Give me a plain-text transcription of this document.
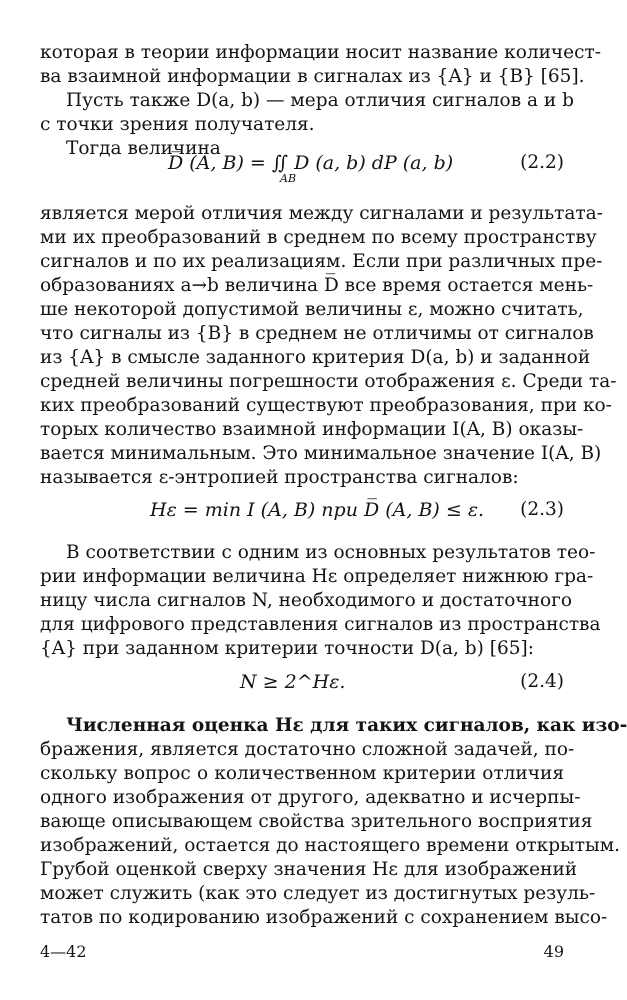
которая в теории информации носит название количест-
ва взаимной информации в сигналах из {A} и {B} [65].
Пусть также D(a, b) — мера отличия сигналов a и b
с точки зрения получателя.
Тогда величина
D̅ (A, B) = ∬ D (a, b) dP (a, b)
AB
(2.2)
является мерой отличия между сигналами и результата-
ми их преобразований в среднем по всему пространству
сигналов и по их реализациям. Если при различных пре-
образованиях a→b величина D̅ все время остается мень-
ше некоторой допустимой величины ε, можно считать,
что сигналы из {B} в среднем не отличимы от сигналов
из {A} в смысле заданного критерия D(a, b) и заданной
средней величины погрешности отображения ε. Среди та-
ких преобразований существуют преобразования, при ко-
торых количество взаимной информации I(A, B) оказы-
вается минимальным. Это минимальное значение I(A, B)
называется ε-энтропией пространства сигналов:
Hε = min I (A, B) при D̅ (A, B) ≤ ε. (2.3)
В соответствии с одним из основных результатов тео-
рии информации величина Hε определяет нижнюю гра-
ницу числа сигналов N, необходимого и достаточного
для цифрового представления сигналов из пространства
{A} при заданном критерии точности D(a, b) [65]:
N ≥ 2^Hε.	(2.4)
Численная оценка Hε для таких сигналов, как изо-
бражения, является достаточно сложной задачей, по-
скольку вопрос о количественном критерии отличия
одного изображения от другого, адекватно и исчерпы-
вающе описывающем свойства зрительного восприятия
изображений, остается до настоящего времени открытым.
Грубой оценкой сверху значения Hε для изображений
может служить (как это следует из достигнутых резуль-
татов по кодированию изображений с сохранением высо-
4—42	49
